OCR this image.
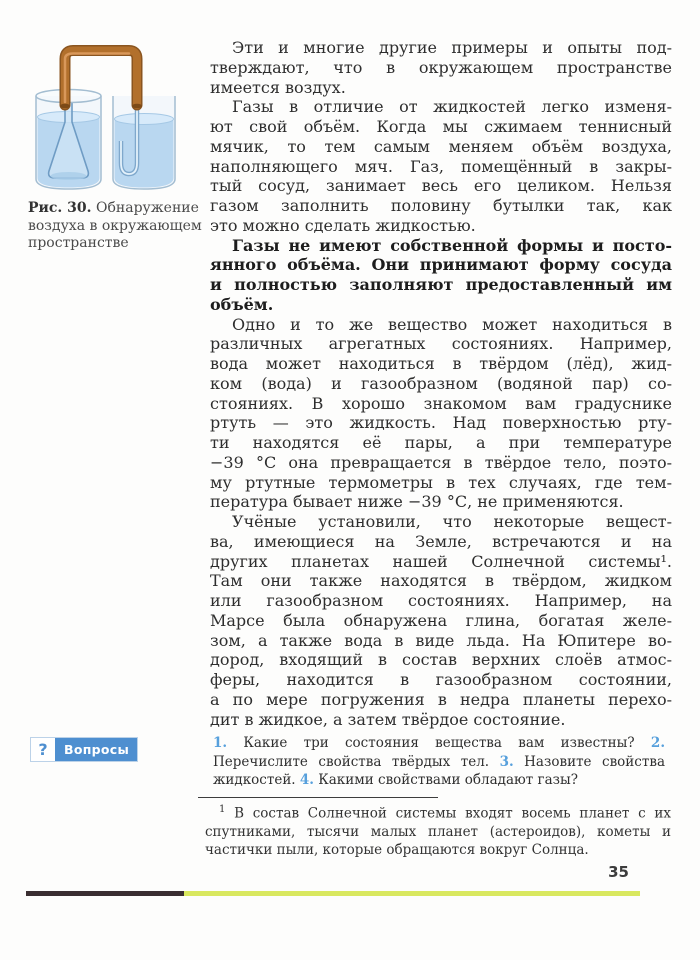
Рис. 30. Обнаружение воздуха в окружающем пространстве

Эти и многие другие примеры и опыты под-
тверждают, что в окружающем пространстве
имеется воздух.
Газы в отличие от жидкостей легко изменя-
ют свой объём. Когда мы сжимаем теннисный
мячик, то тем самым меняем объём воздуха,
наполняющего мяч. Газ, помещённый в закры-
тый сосуд, занимает весь его целиком. Нельзя
газом заполнить половину бутылки так, как
это можно сделать жидкостью.
Газы не имеют собственной формы и посто-
янного объёма. Они принимают форму сосуда
и полностью заполняют предоставленный им
объём.
Одно и то же вещество может находиться в
различных агрегатных состояниях. Например,
вода может находиться в твёрдом (лёд), жид-
ком (вода) и газообразном (водяной пар) со-
стояниях. В хорошо знакомом вам градуснике
ртуть — это жидкость. Над поверхностью рту-
ти находятся её пары, а при температуре
−39 °С она превращается в твёрдое тело, поэто-
му ртутные термометры в тех случаях, где тем-
пература бывает ниже −39 °С, не применяются.
Учёные установили, что некоторые вещест-
ва, имеющиеся на Земле, встречаются и на
других планетах нашей Солнечной системы¹.
Там они также находятся в твёрдом, жидком
или газообразном состояниях. Например, на
Марсе была обнаружена глина, богатая желе-
зом, а также вода в виде льда. На Юпитере во-
дород, входящий в состав верхних слоёв атмос-
феры, находится в газообразном состоянии,
а по мере погружения в недра планеты перехо-
дит в жидкое, а затем твёрдое состояние.
?	Вопросы	1. Какие три состояния вещества вам известны? 2. Перечислите свойства твёрдых тел. 3. Назовите свойства жидкостей. 4. Какими свойствами обладают газы?

$^1$ В состав Солнечной системы входят восемь планет с их спутниками, тысячи малых планет (астероидов), кометы и частички пыли, которые обращаются вокруг Солнца.

35
